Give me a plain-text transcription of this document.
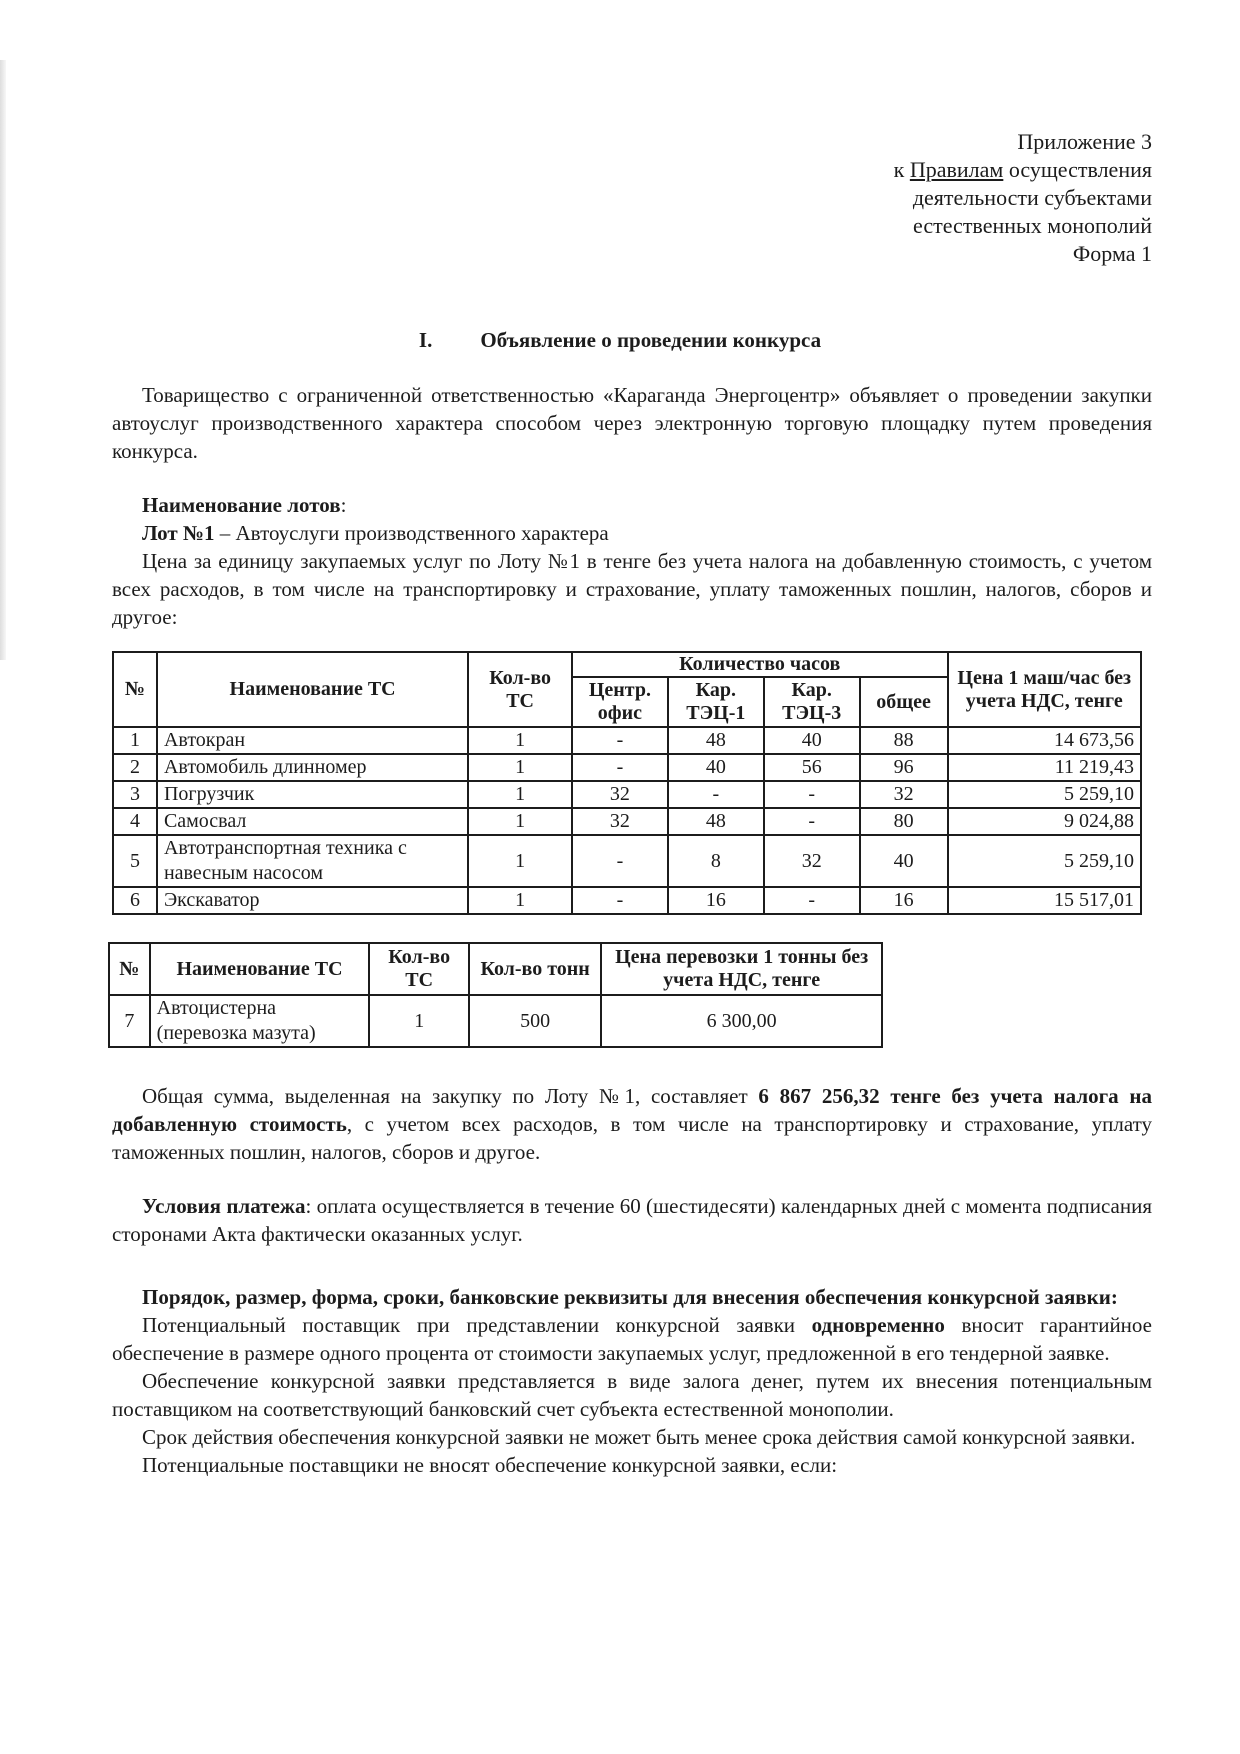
Приложение 3
к Правилам осуществления
деятельности субъектами
естественных монополий
Форма 1
I. Объявление о проведении конкурса
Товарищество с ограниченной ответственностью «Караганда Энергоцентр» объявляет о проведении закупки автоуслуг производственного характера способом через электронную торговую площадку путем проведения конкурса.
Наименование лотов:
Лот №1 – Автоуслуги производственного характера
Цена за единицу закупаемых услуг по Лоту №1 в тенге без учета налога на добавленную стоимость, с учетом всех расходов, в том числе на транспортировку и страхование, уплату таможенных пошлин, налогов, сборов и другое:
№	Наименование ТС	Кол-во ТС	Количество часов				Цена 1 маш/час без учета НДС, тенге
			Центр. офис	Кар. ТЭЦ-1	Кар. ТЭЦ-3	общее	
1	Автокран	1	-	48	40	88	14 673,56
2	Автомобиль длинномер	1	-	40	56	96	11 219,43
3	Погрузчик	1	32	-	-	32	5 259,10
4	Самосвал	1	32	48	-	80	9 024,88
5	Автотранспортная техника с навесным насосом	1	-	8	32	40	5 259,10
6	Экскаватор	1	-	16	-	16	15 517,01
№	Наименование ТС	Кол-во ТС	Кол-во тонн	Цена перевозки 1 тонны без учета НДС, тенге
7	Автоцистерна (перевозка мазута)	1	500	6 300,00
Общая сумма, выделенная на закупку по Лоту №1, составляет 6 867 256,32 тенге без учета налога на добавленную стоимость, с учетом всех расходов, в том числе на транспортировку и страхование, уплату таможенных пошлин, налогов, сборов и другое.
Условия платежа: оплата осуществляется в течение 60 (шестидесяти) календарных дней с момента подписания сторонами Акта фактически оказанных услуг.
Порядок, размер, форма, сроки, банковские реквизиты для внесения обеспечения конкурсной заявки:
Потенциальный поставщик при представлении конкурсной заявки одновременно вносит гарантийное обеспечение в размере одного процента от стоимости закупаемых услуг, предложенной в его тендерной заявке.
Обеспечение конкурсной заявки представляется в виде залога денег, путем их внесения потенциальным поставщиком на соответствующий банковский счет субъекта естественной монополии.
Срок действия обеспечения конкурсной заявки не может быть менее срока действия самой конкурсной заявки.
Потенциальные поставщики не вносят обеспечение конкурсной заявки, если:
